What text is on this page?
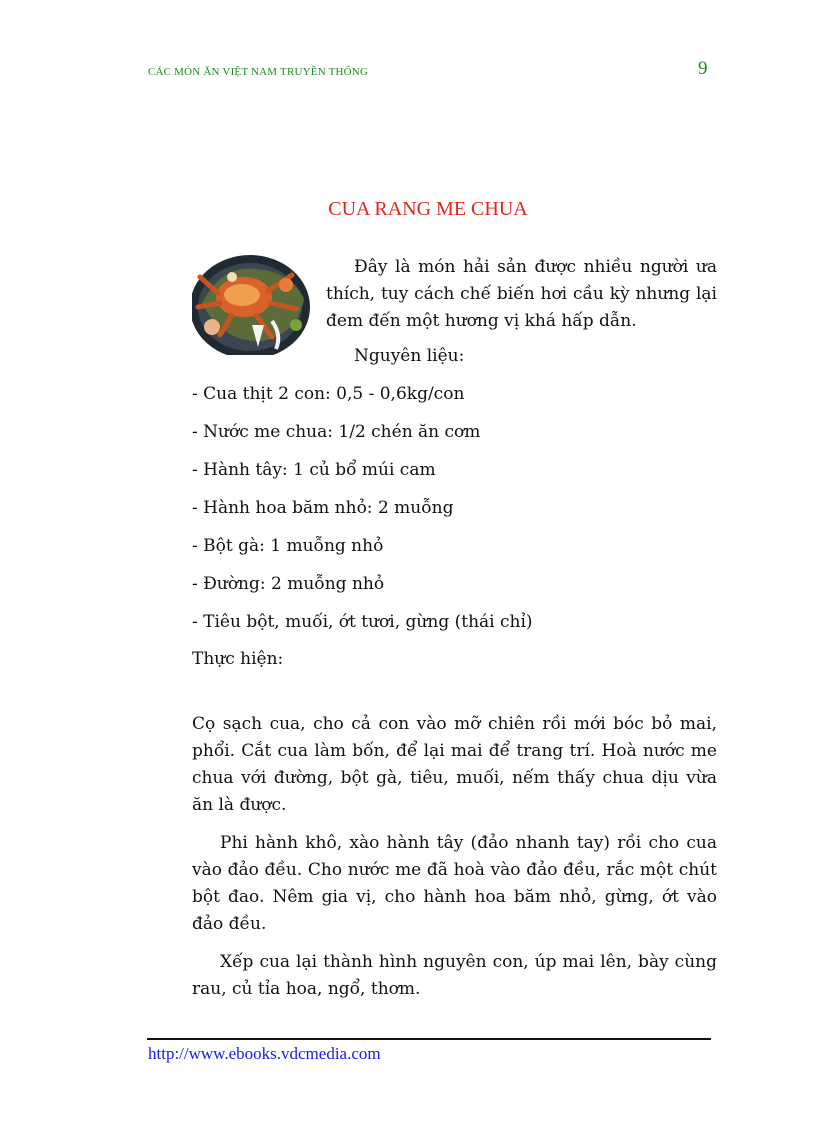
CÁC MÓN ĂN VIỆT NAM TRUYỀN THỐNG	9
CUA RANG ME CHUA

Đây là món hải sản được nhiều người ưa thích, tuy cách chế biến hơi cầu kỳ nhưng lại đem đến một hương vị khá hấp dẫn.

Nguyên liệu:

- Cua thịt 2 con: 0,5 - 0,6kg/con

- Nước me chua: 1/2 chén ăn cơm

- Hành tây: 1 củ bổ múi cam

- Hành hoa băm nhỏ: 2 muỗng

- Bột gà: 1 muỗng nhỏ

- Đường: 2 muỗng nhỏ

- Tiêu bột, muối, ớt tươi, gừng (thái chỉ)

Thực hiện:

Cọ sạch cua, cho cả con vào mỡ chiên rồi mới bóc bỏ mai, phổi. Cắt cua làm bốn, để lại mai để trang trí. Hoà nước me chua với đường, bột gà, tiêu, muối, nếm thấy chua dịu vừa ăn là được.

Phi hành khô, xào hành tây (đảo nhanh tay) rồi cho cua vào đảo đều. Cho nước me đã hoà vào đảo đều, rắc một chút bột đao. Nêm gia vị, cho hành hoa băm nhỏ, gừng, ớt vào đảo đều.

Xếp cua lại thành hình nguyên con, úp mai lên, bày cùng rau, củ tỉa hoa, ngổ, thơm.

http://www.ebooks.vdcmedia.com
